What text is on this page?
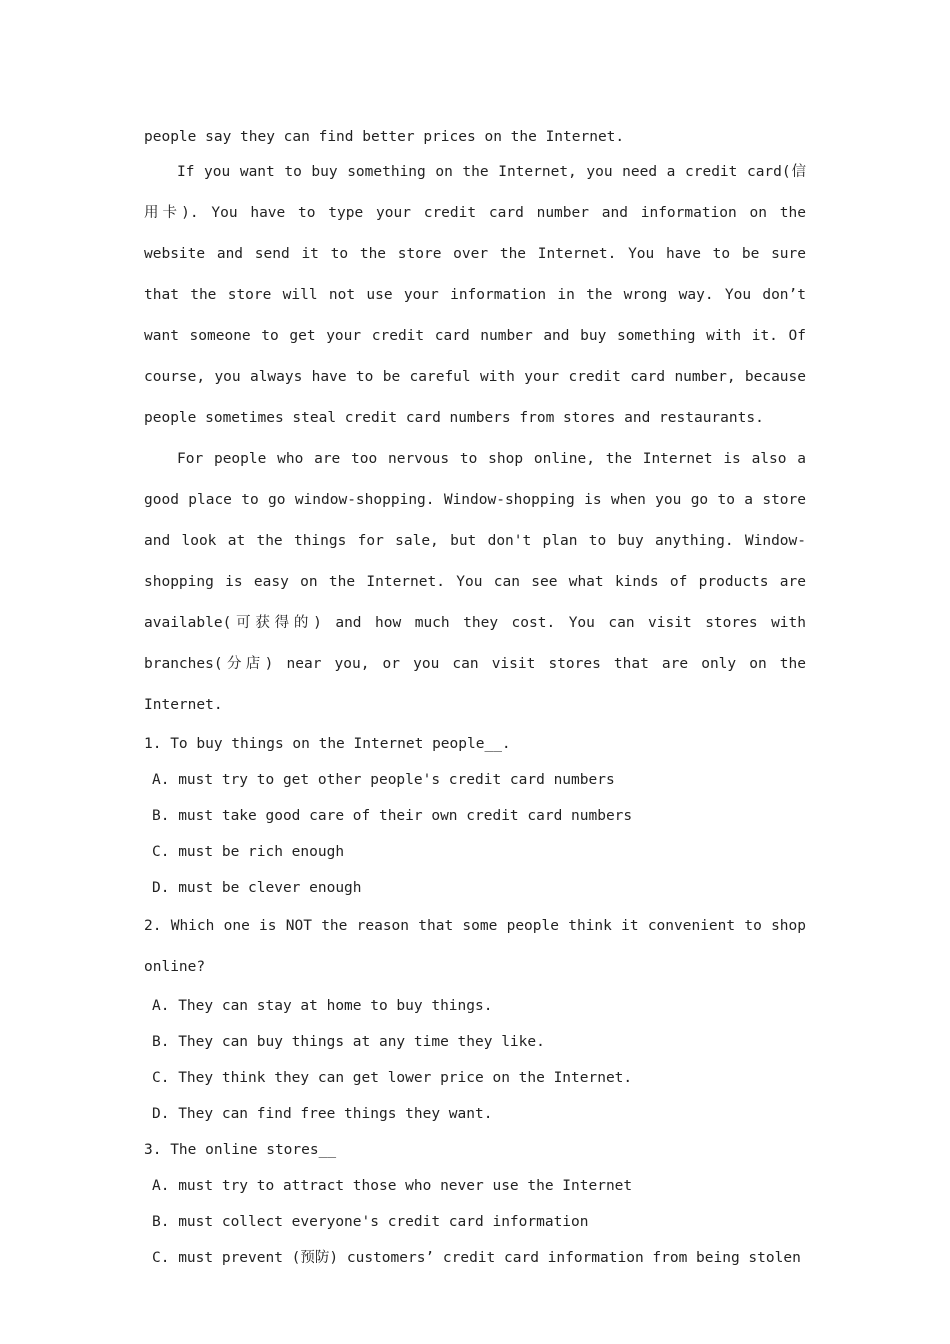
people say they can find better prices on the Internet.

If you want to buy something on the Internet, you need a credit card(信用卡). You have to type your credit card number and information on the website and send it to the store over the Internet. You have to be sure that the store will not use your information in the wrong way. You don’t want someone to get your credit card number and buy something with it. Of course, you always have to be careful with your credit card number, because people sometimes steal credit card numbers from stores and restaurants.

For people who are too nervous to shop online, the Internet is also a good place to go window-shopping. Window-shopping is when you go to a store and look at the things for sale, but don't plan to buy anything. Window-shopping is easy on the Internet. You can see what kinds of products are available(可获得的) and how much they cost. You can visit stores with branches(分店) near you, or you can visit stores that are only on the Internet.

1. To buy things on the Internet people__.

A. must try to get other people's credit card numbers

B. must take good care of their own credit card numbers

C. must be rich enough

D. must be clever enough

2. Which one is NOT the reason that some people think it convenient to shop online?

A. They can stay at home to buy things.

B. They can buy things at any time they like.

C. They think they can get lower price on the Internet.

D. They can find free things they want.

3. The online stores__

A. must try to attract those who never use the Internet

B. must collect everyone's credit card information

C. must prevent (预防) customers’ credit card information from being stolen
